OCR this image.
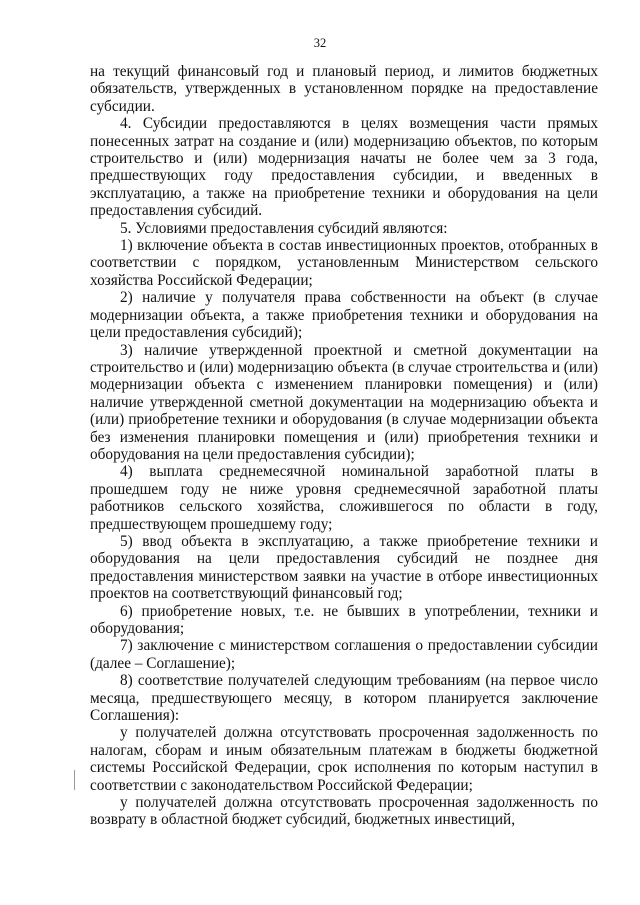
32

на текущий финансовый год и плановый период, и лимитов бюджетных обязательств, утвержденных в установленном порядке на предоставление субсидии.

4. Субсидии предоставляются в целях возмещения части прямых понесенных затрат на создание и (или) модернизацию объектов, по которым строительство и (или) модернизация начаты не более чем за 3 года, предшествующих году предоставления субсидии, и введенных в эксплуатацию, а также на приобретение техники и оборудования на цели предоставления субсидий.

5. Условиями предоставления субсидий являются:

1) включение объекта в состав инвестиционных проектов, отобранных в соответствии с порядком, установленным Министерством сельского хозяйства Российской Федерации;

2) наличие у получателя права собственности на объект (в случае модернизации объекта, а также приобретения техники и оборудования на цели предоставления субсидий);

3) наличие утвержденной проектной и сметной документации на строительство и (или) модернизацию объекта (в случае строительства и (или) модернизации объекта с изменением планировки помещения) и (или) наличие утвержденной сметной документации на модернизацию объекта и (или) приобретение техники и оборудования (в случае модернизации объекта без изменения планировки помещения и (или) приобретения техники и оборудования на цели предоставления субсидии);

4) выплата среднемесячной номинальной заработной платы в прошедшем году не ниже уровня среднемесячной заработной платы работников сельского хозяйства, сложившегося по области в году, предшествующем прошедшему году;

5) ввод объекта в эксплуатацию, а также приобретение техники и оборудования на цели предоставления субсидий не позднее дня предоставления министерством заявки на участие в отборе инвестиционных проектов на соответствующий финансовый год;

6) приобретение новых, т.е. не бывших в употреблении, техники и оборудования;

7) заключение с министерством соглашения о предоставлении субсидии (далее – Соглашение);

8) соответствие получателей следующим требованиям (на первое число месяца, предшествующего месяцу, в котором планируется заключение Соглашения):

у получателей должна отсутствовать просроченная задолженность по налогам, сборам и иным обязательным платежам в бюджеты бюджетной системы Российской Федерации, срок исполнения по которым наступил в соответствии с законодательством Российской Федерации;

у получателей должна отсутствовать просроченная задолженность по возврату в областной бюджет субсидий, бюджетных инвестиций,
